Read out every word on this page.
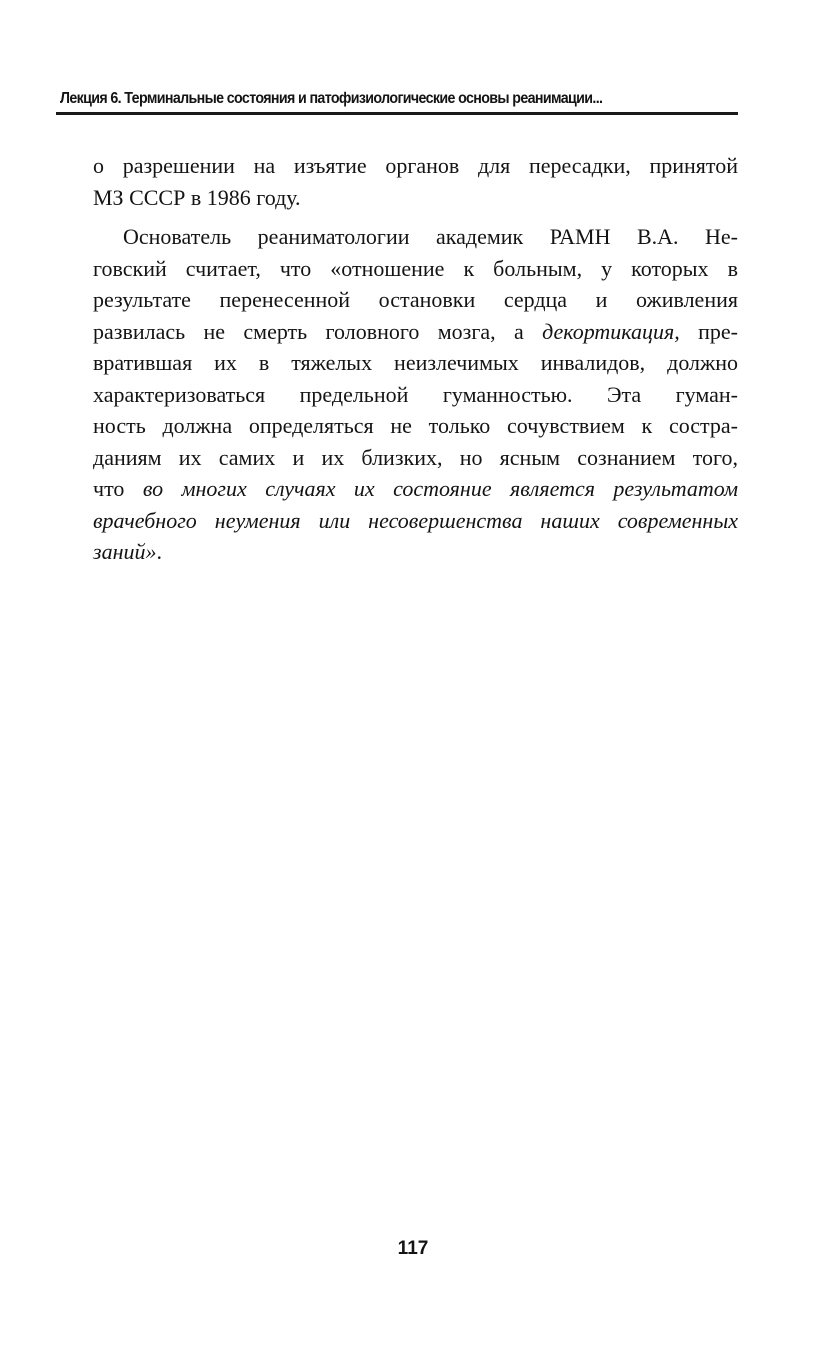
Лекция 6. Терминальные состояния и патофизиологические основы реанимации...
о разрешении на изъятие органов для пересадки, принятой
МЗ СССР в 1986 году.
Основатель реаниматологии академик РАМН В.А. Не-
говский считает, что «отношение к больным, у которых в
результате перенесенной остановки сердца и оживления
развилась не смерть головного мозга, а декортикация, пре-
вратившая их в тяжелых неизлечимых инвалидов, должно
характеризоваться предельной гуманностью. Эта гуман-
ность должна определяться не только сочувствием к состра-
даниям их самих и их близких, но ясным сознанием того,
что во многих случаях их состояние является результатом
врачебного неумения или несовершенства наших современных
заний».
117
